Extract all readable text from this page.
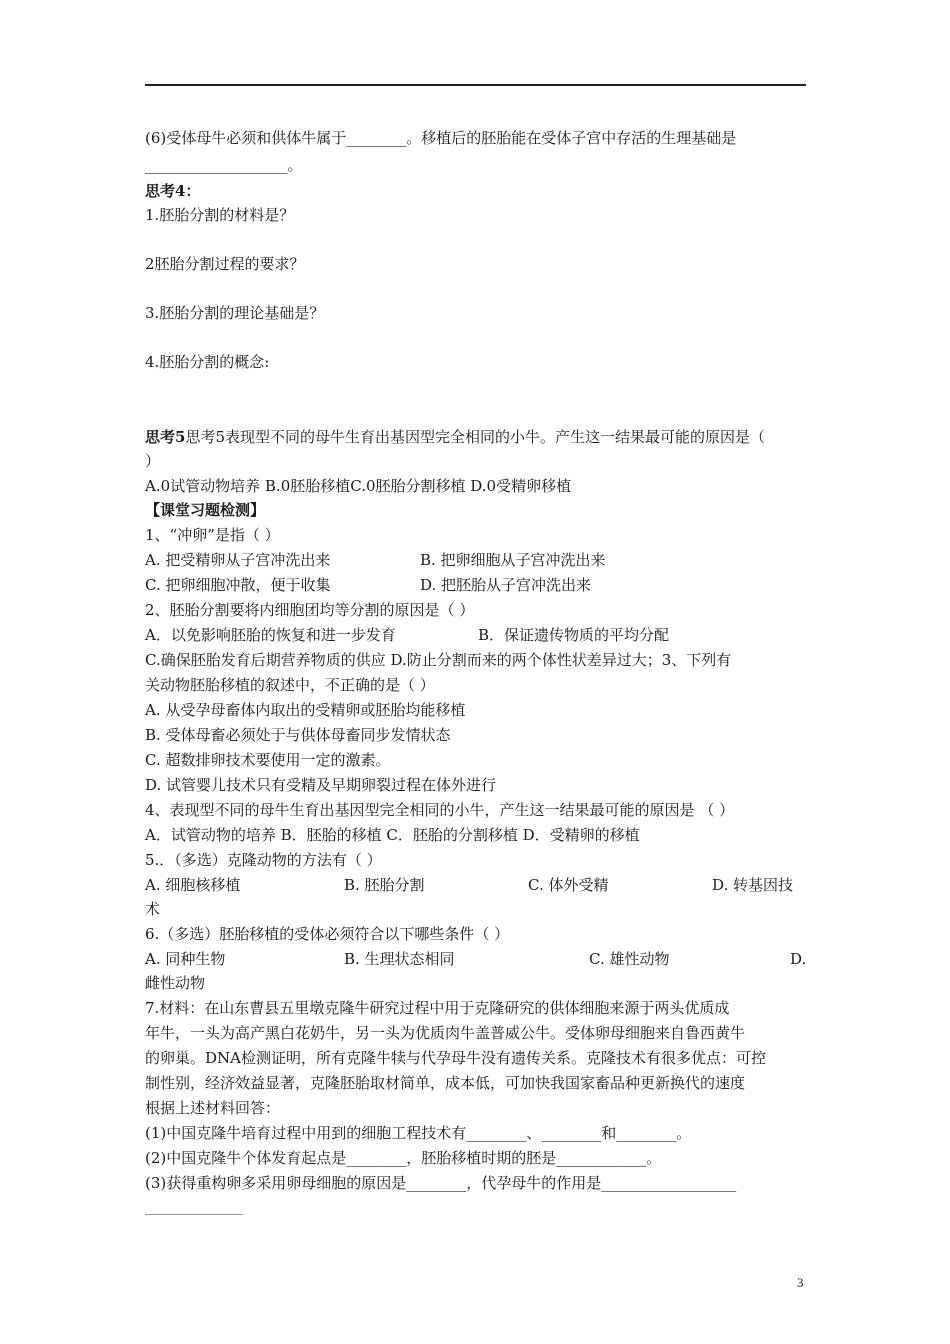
(6)受体母牛必须和供体牛属于________。移植后的胚胎能在受体子宫中存活的生理基础是
___________________。
思考4：
1.胚胎分割的材料是？
2胚胎分割过程的要求？
3.胚胎分割的理论基础是？
4.胚胎分割的概念:
思考5思考5表现型不同的母牛生育出基因型完全相同的小牛。产生这一结果最可能的原因是（
）
A.0试管动物培养 B.0胚胎移植C.0胚胎分割移植 D.0受精卵移植
【课堂习题检测】
1、“冲卵”是指（ ）
A. 把受精卵从子宫冲洗出来	B. 把卵细胞从子宫冲洗出来
C. 把卵细胞冲散，便于收集	D. 把胚胎从子宫冲洗出来
2、胚胎分割要将内细胞团均等分割的原因是（ ）
A．以免影响胚胎的恢复和进一步发育	B．保证遗传物质的平均分配
C.确保胚胎发育后期营养物质的供应 D.防止分割而来的两个体性状差异过大；3、下列有
关动物胚胎移植的叙述中，不正确的是（ ）
A. 从受孕母畜体内取出的受精卵或胚胎均能移植
B. 受体母畜必须处于与供体母畜同步发情状态
C. 超数排卵技术要使用一定的激素。
D. 试管婴儿技术只有受精及早期卵裂过程在体外进行
4、表现型不同的母牛生育出基因型完全相同的小牛，产生这一结果最可能的原因是 （ ）
A．试管动物的培养 B．胚胎的移植 C．胚胎的分割移植 D．受精卵的移植
5.．（多选）克隆动物的方法有（ ）
A. 细胞核移植	B. 胚胎分割	C. 体外受精	D. 转基因技
术
6.（多选）胚胎移植的受体必须符合以下哪些条件（ ）
A. 同种生物	B. 生理状态相同	C. 雄性动物	D.
雌性动物
7.材料：在山东曹县五里墩克隆牛研究过程中用于克隆研究的供体细胞来源于两头优质成
年牛，一头为高产黑白花奶牛，另一头为优质肉牛盖普威公牛。受体卵母细胞来自鲁西黄牛
的卵巢。DNA检测证明，所有克隆牛犊与代孕母牛没有遗传关系。克隆技术有很多优点：可控
制性别，经济效益显著，克隆胚胎取材简单，成本低，可加快我国家畜品种更新换代的速度
根据上述材料回答：
(1)中国克隆牛培育过程中用到的细胞工程技术有________、________和________。
(2)中国克隆牛个体发育起点是________，胚胎移植时期的胚是____________。
(3)获得重构卵多采用卵母细胞的原因是________，代孕母牛的作用是__________________
3
